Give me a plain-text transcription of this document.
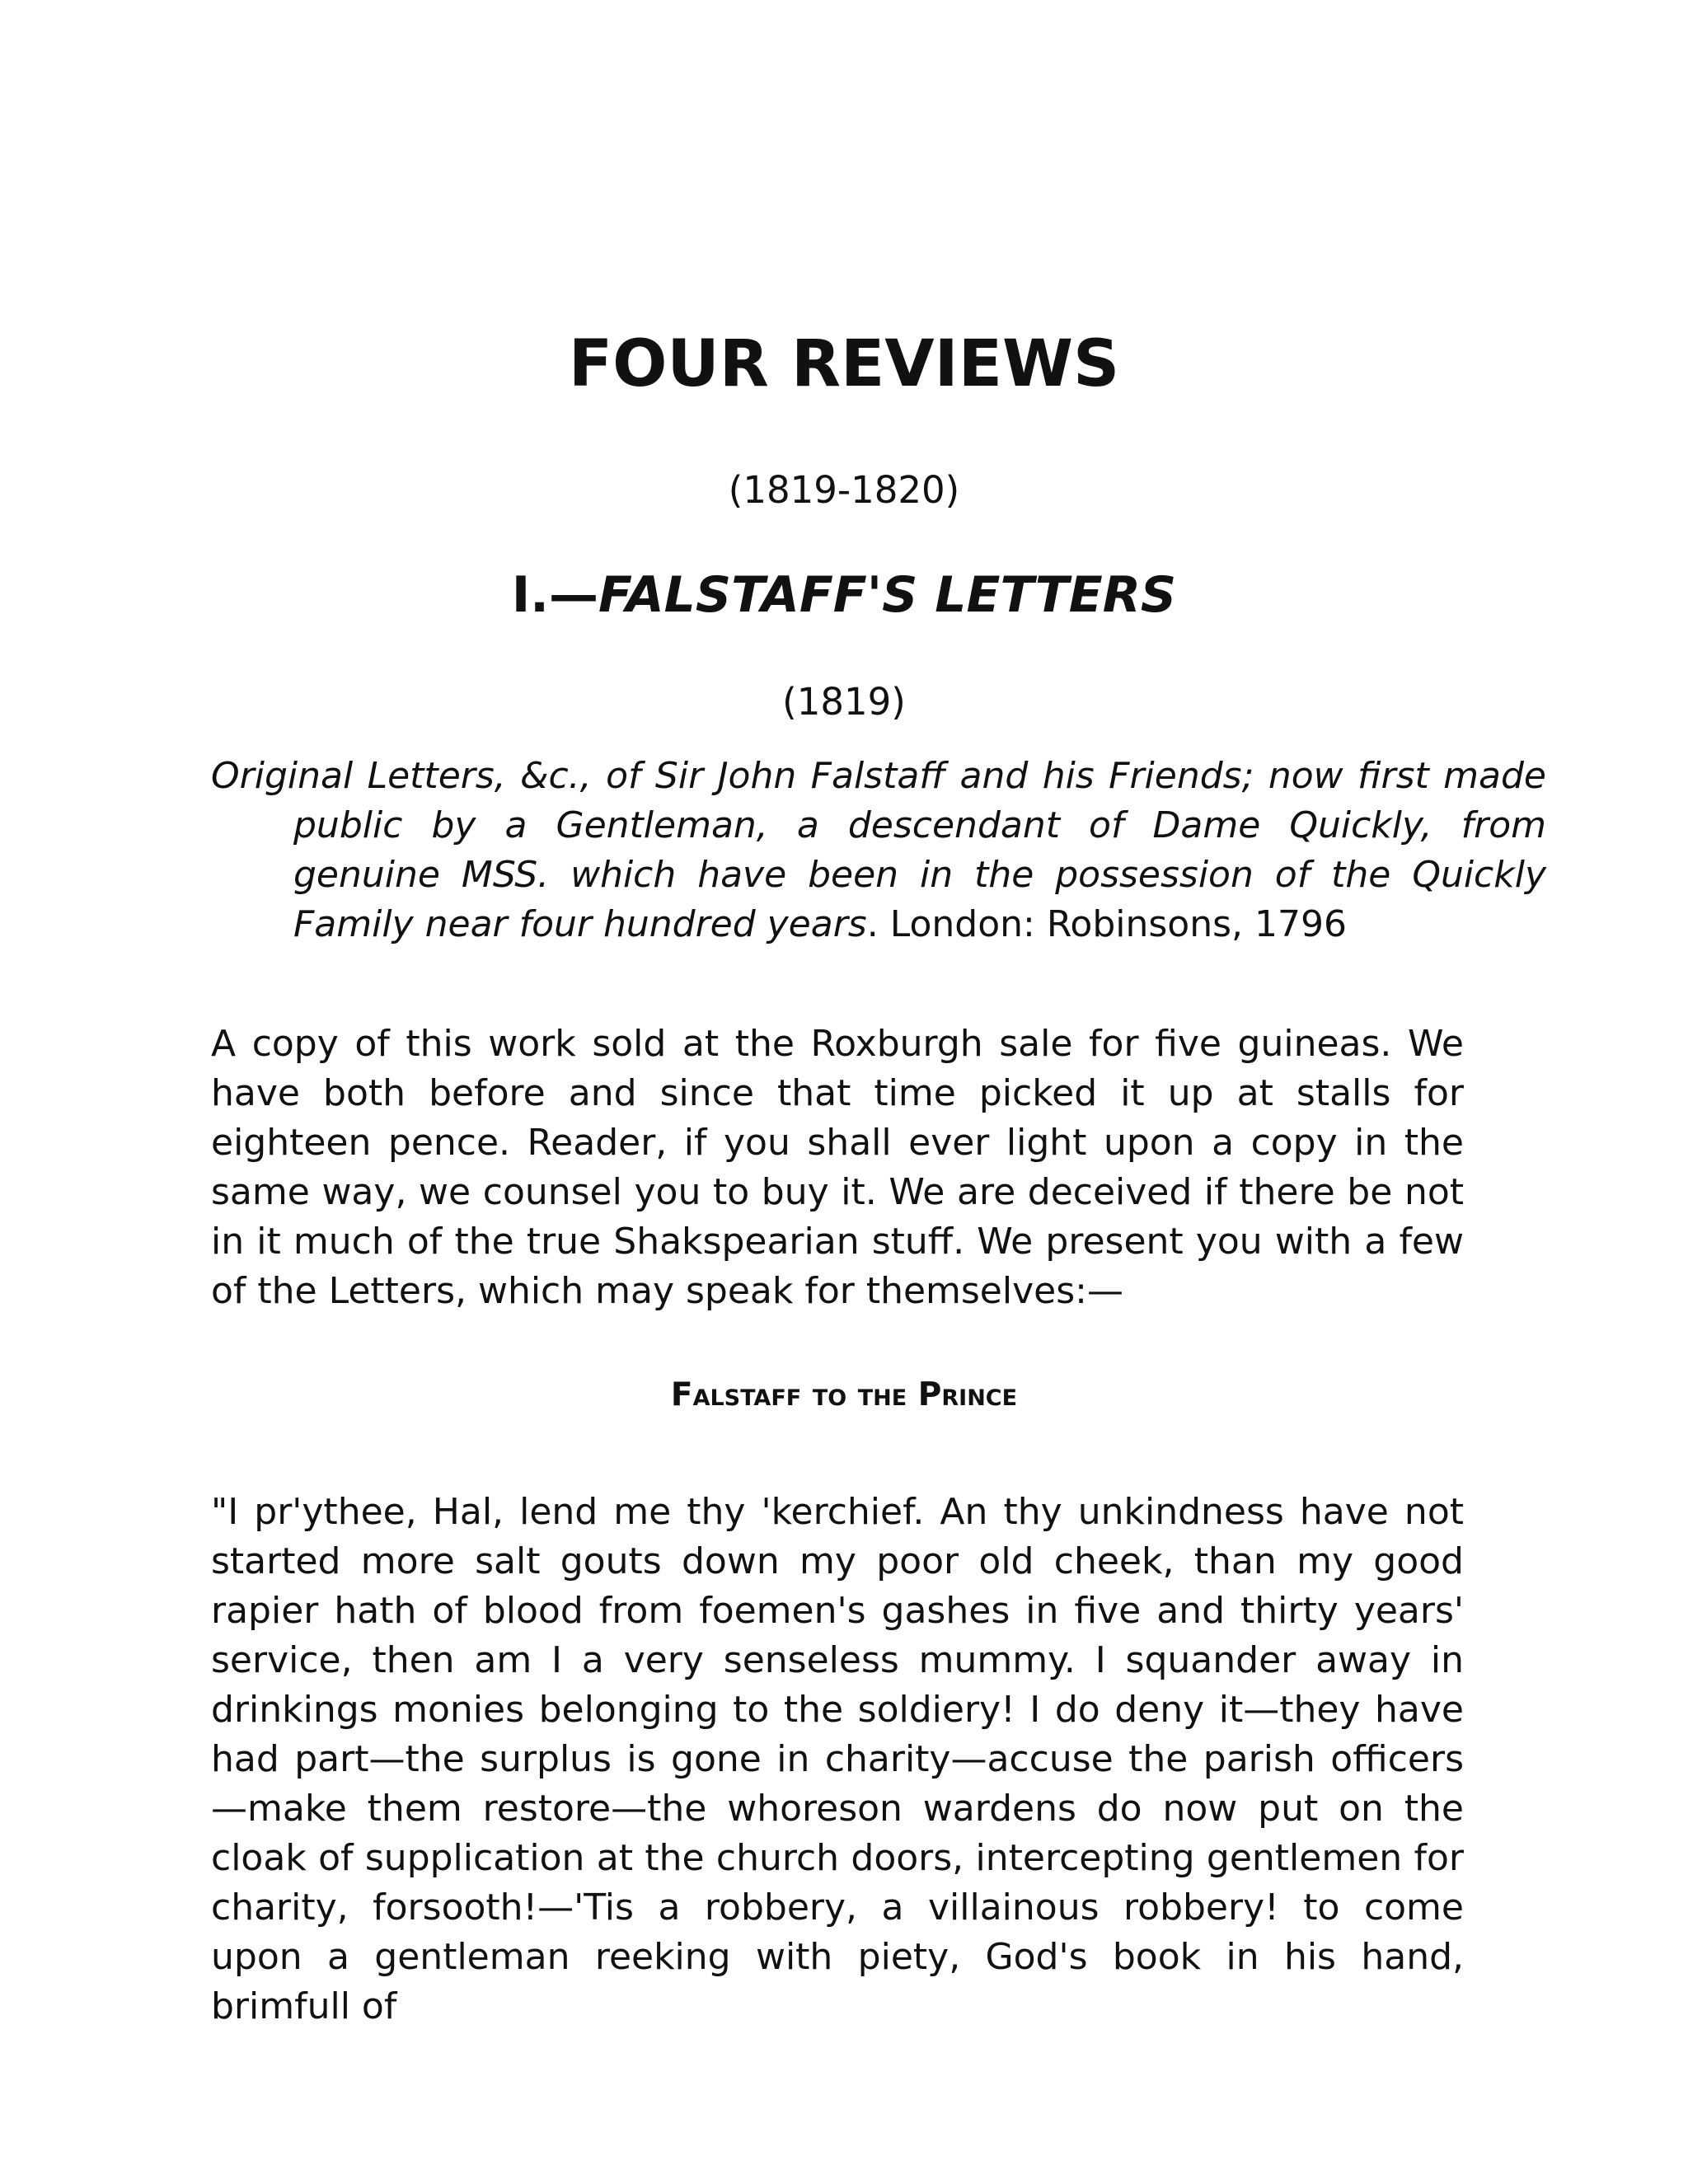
FOUR REVIEWS
(1819-1820)
I.—FALSTAFF'S LETTERS
(1819)

Original Letters, &c., of Sir John Falstaff and his Friends; now first made public by a Gentleman, a descendant of Dame Quickly, from genuine MSS. which have been in the possession of the Quickly Family near four hundred years. London: Robinsons, 1796

A copy of this work sold at the Roxburgh sale for five guineas. We have both before and since that time picked it up at stalls for eighteen pence. Reader, if you shall ever light upon a copy in the same way, we counsel you to buy it. We are deceived if there be not in it much of the true Shakspearian stuff. We present you with a few of the Letters, which may speak for themselves:—

Falstaff to the Prince

"I pr'ythee, Hal, lend me thy 'kerchief. An thy unkindness have not started more salt gouts down my poor old cheek, than my good rapier hath of blood from foemen's gashes in five and thirty years' service, then am I a very senseless mummy. I squander away in drinkings monies belonging to the soldiery! I do deny it—they have had part—the surplus is gone in charity—accuse the parish officers—make them restore—the whoreson wardens do now put on the cloak of supplication at the church doors, intercepting gentlemen for charity, forsooth!—'Tis a robbery, a villainous robbery! to come upon a gentleman reeking with piety, God's book in his hand, brimfull of
